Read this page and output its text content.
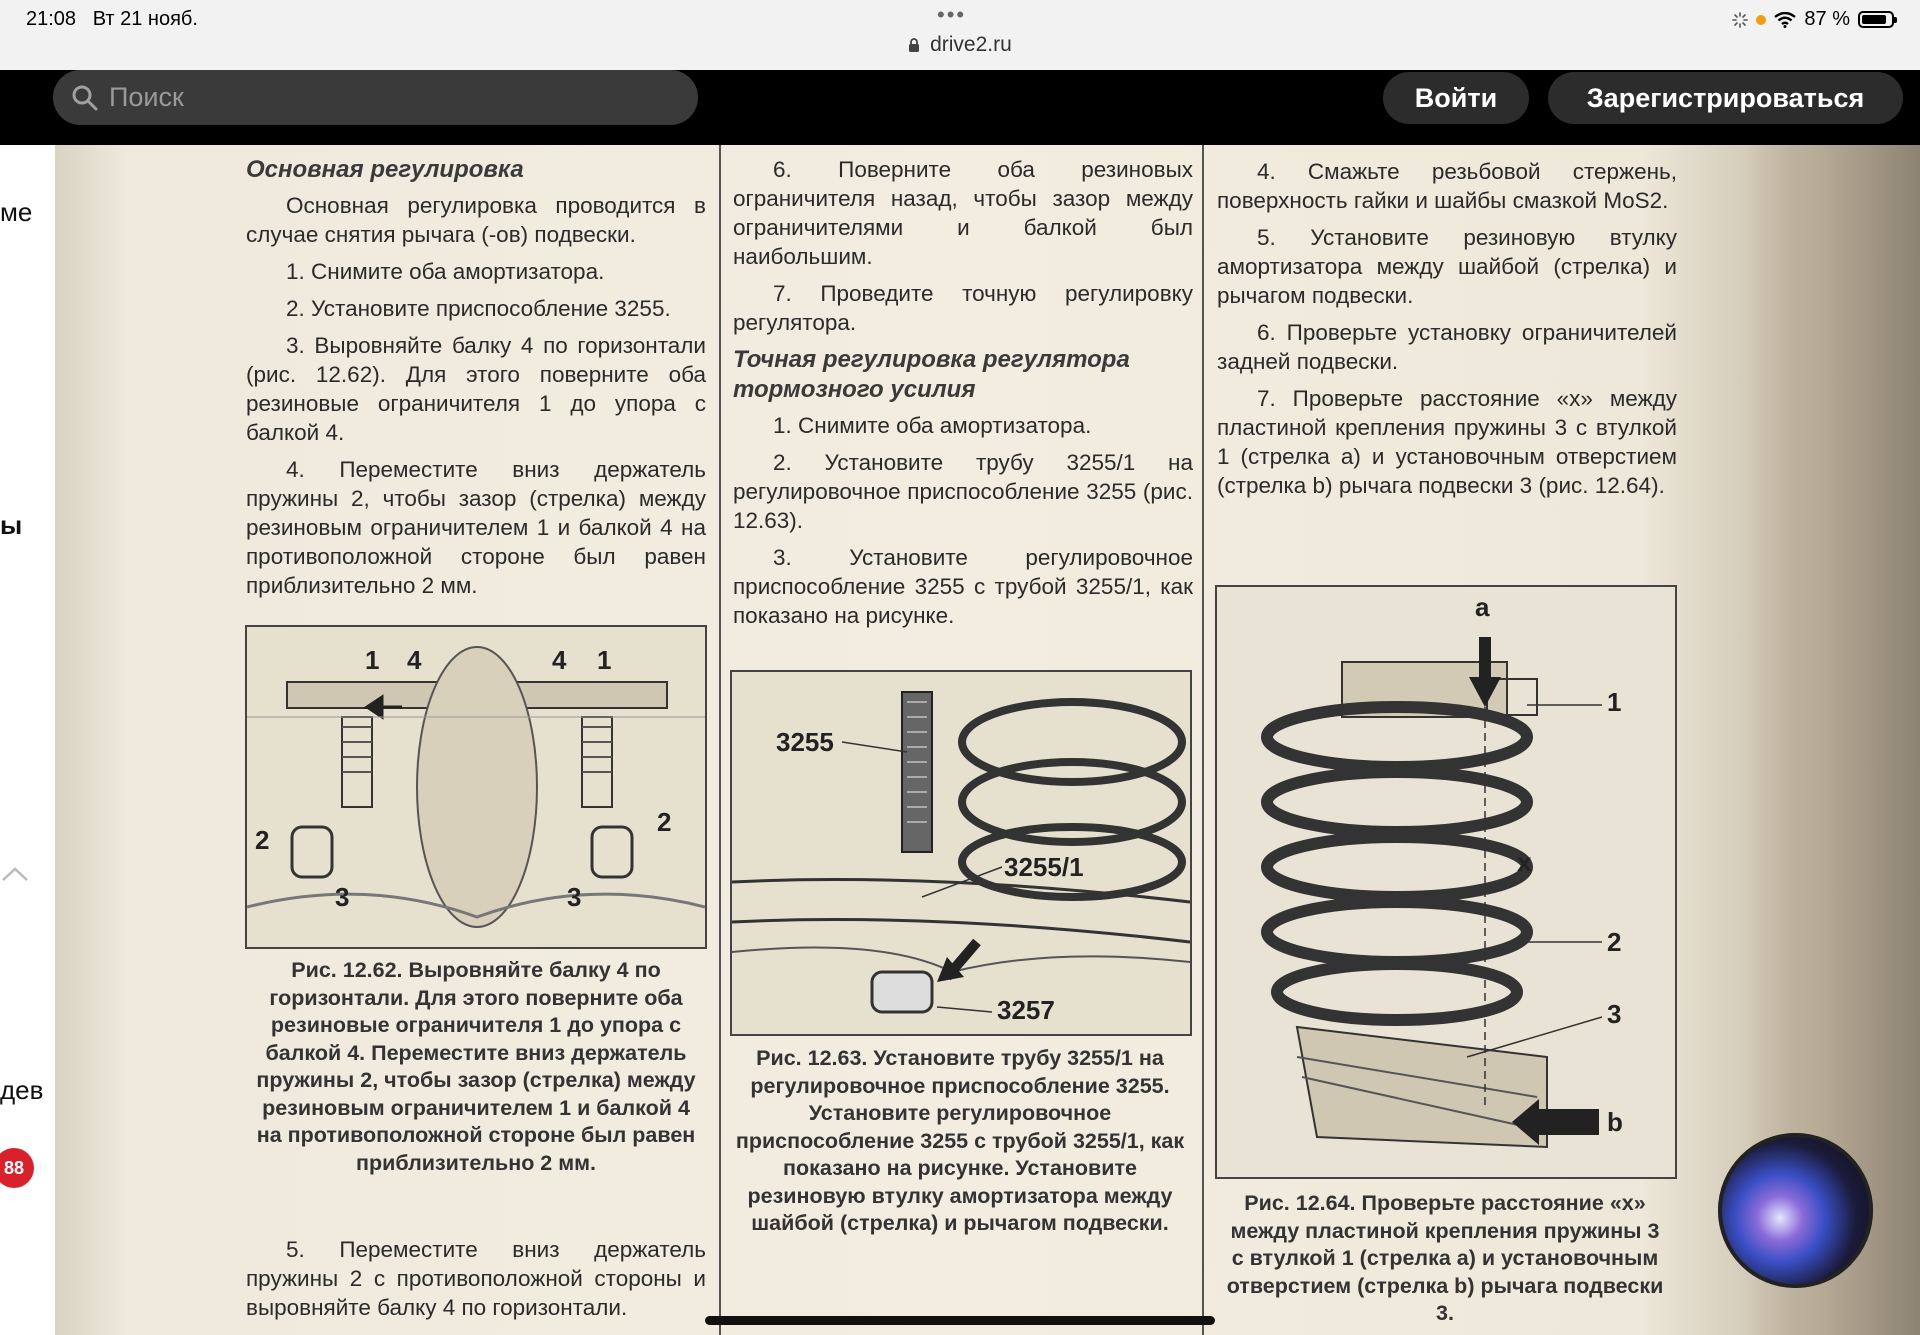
21:08 Вт 21 нояб.	•••
drive2.ru
87 %
Поиск
Войти	Зарегистрироваться
ме
ы
дев
88

Основная регулировка

Основная регулировка проводится в случае снятия рычага (-ов) подвески.

1. Снимите оба амортизатора.

2. Установите приспособление 3255.

3. Выровняйте балку 4 по горизонтали (рис. 12.62). Для этого поверните оба резиновые ограничителя 1 до упора с балкой 4.

4. Переместите вниз держатель пружины 2, чтобы зазор (стрелка) между резиновым ограничителем 1 и балкой 4 на противоположной стороне был равен приблизительно 2 мм.

1 4	4 1
2
3
2
3

Рис. 12.62. Выровняйте балку 4 по горизонтали. Для этого поверните оба резиновые ограничителя 1 до упора с балкой 4. Переместите вниз держатель пружины 2, чтобы зазор (стрелка) между резиновым ограничителем 1 и балкой 4 на противоположной стороне был равен приблизительно 2 мм.

5. Переместите вниз держатель пружины 2 с противоположной стороны и выровняйте балку 4 по горизонтали.

6. Поверните оба резиновых ограничителя назад, чтобы зазор между ограничителями и балкой был наибольшим.

7. Проведите точную регулировку регулятора.

Точная регулировка регулятора тормозного усилия

1. Снимите оба амортизатора.

2. Установите трубу 3255/1 на регулировочное приспособление 3255 (рис. 12.63).

3. Установите регулировочное приспособление 3255 с трубой 3255/1, как показано на рисунке.

3255
3255/1
3257

Рис. 12.63. Установите трубу 3255/1 на регулировочное приспособление 3255. Установите регулировочное приспособление 3255 с трубой 3255/1, как показано на рисунке. Установите резиновую втулку амортизатора между шайбой (стрелка) и рычагом подвески.

4. Смажьте резьбовой стержень, поверхность гайки и шайбы смазкой MoS2.

5. Установите резиновую втулку амортизатора между шайбой (стрелка) и рычагом подвески.

6. Проверьте установку ограничителей задней подвески.

7. Проверьте расстояние «х» между пластиной крепления пружины 3 с втулкой 1 (стрелка а) и установочным отверстием (стрелка b) рычага подвески 3 (рис. 12.64).

a
1
x
2
3
b

Рис. 12.64. Проверьте расстояние «х» между пластиной крепления пружины 3 с втулкой 1 (стрелка а) и установочным отверстием (стрелка b) рычага подвески 3.
